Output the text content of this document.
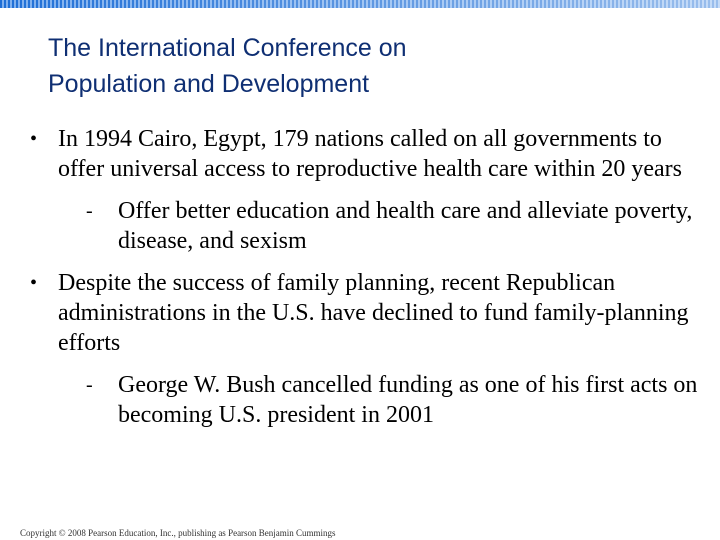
The International Conference on
Population and Development
• In 1994 Cairo, Egypt, 179 nations called on all governments to offer universal access to reproductive health care within 20 years
-	Offer better education and health care and alleviate poverty, disease, and sexism
• Despite the success of family planning, recent Republican administrations in the U.S. have declined to fund family-planning efforts
-	George W. Bush cancelled funding as one of his first acts on becoming U.S. president in 2001
Copyright © 2008 Pearson Education, Inc., publishing as Pearson Benjamin Cummings
